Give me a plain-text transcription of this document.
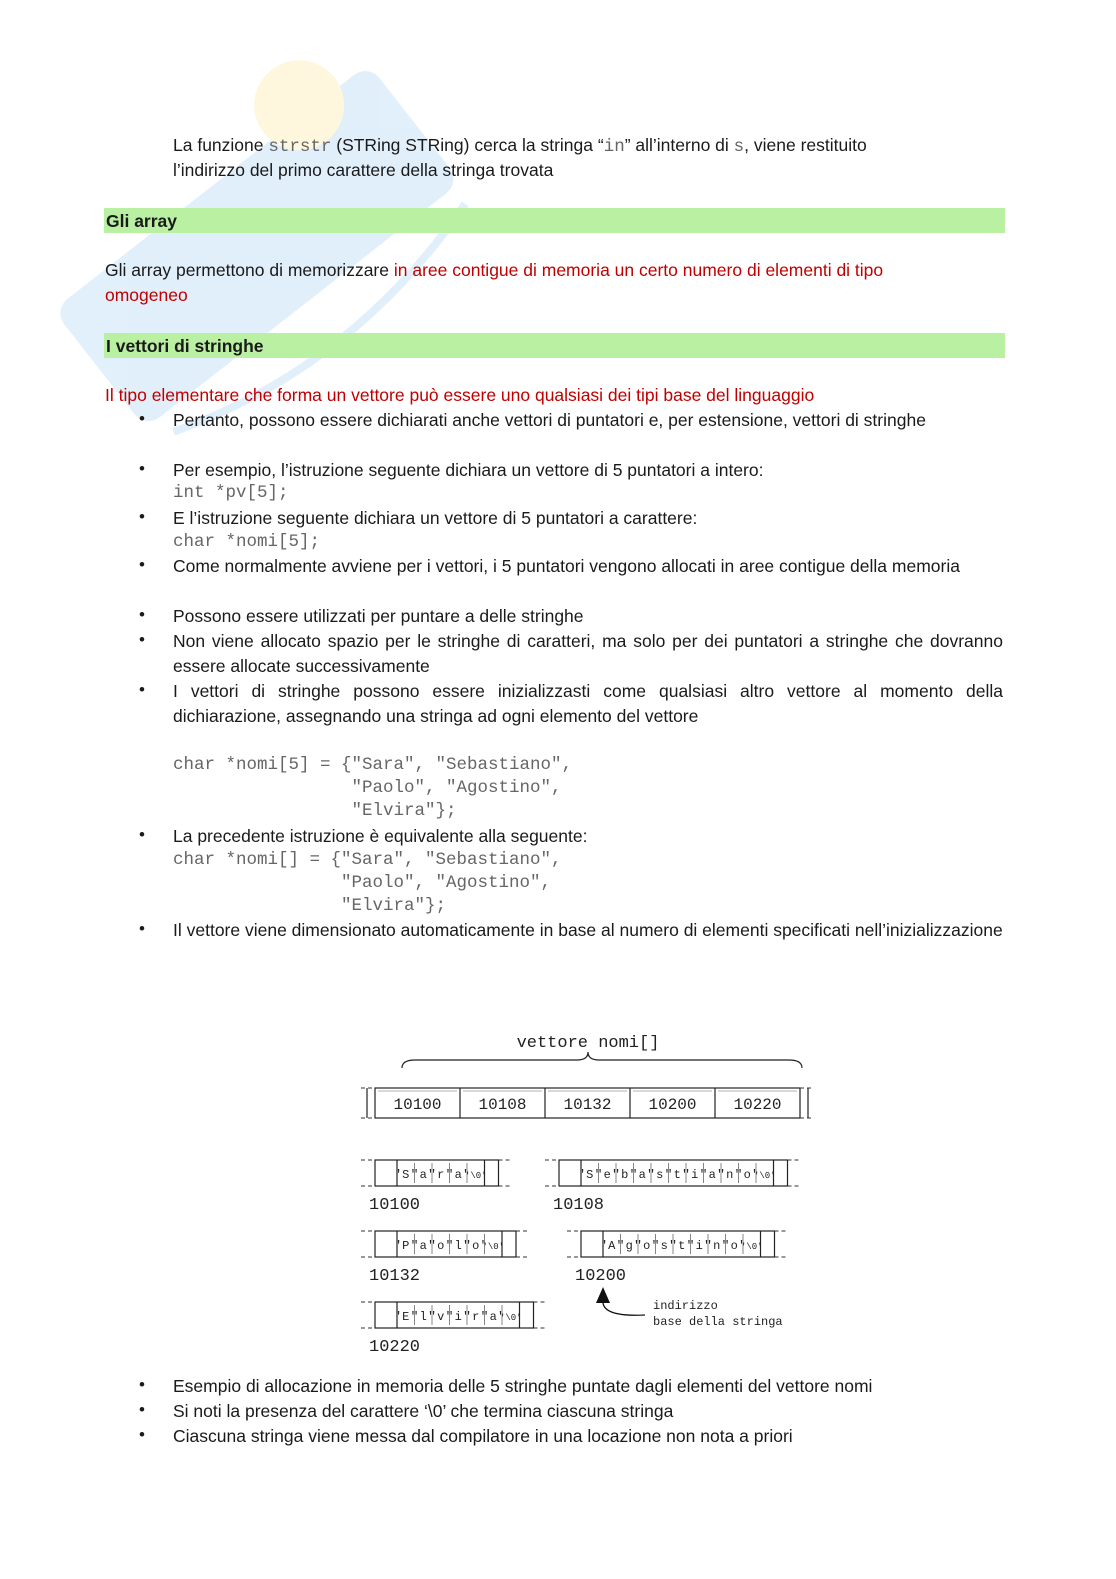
La funzione strstr (STRing STRing) cerca la stringa “in” all’interno di s, viene restituito
l’indirizzo del primo carattere della stringa trovata
Gli array
Gli array permettono di memorizzare in aree contigue di memoria un certo numero di elementi di tipo
omogeneo
I vettori di stringhe
Il tipo elementare che forma un vettore può essere uno qualsiasi dei tipi base del linguaggio
• Pertanto, possono essere dichiarati anche vettori di puntatori e, per estensione, vettori di stringhe
• Per esempio, l’istruzione seguente dichiara un vettore di 5 puntatori a intero:
int *pv[5];
• E l’istruzione seguente dichiara un vettore di 5 puntatori a carattere:
char *nomi[5];
• Come normalmente avviene per i vettori, i 5 puntatori vengono allocati in aree contigue della memoria
• Possono essere utilizzati per puntare a delle stringhe
• Non viene allocato spazio per le stringhe di caratteri, ma solo per dei puntatori a stringhe che dovranno essere allocate successivamente
• I vettori di stringhe possono essere inizializzasti come qualsiasi altro vettore al momento della dichiarazione, assegnando una stringa ad ogni elemento del vettore
char *nomi[5] = {"Sara", "Sebastiano",
"Paolo", "Agostino",
"Elvira"};
• La precedente istruzione è equivalente alla seguente:
char *nomi[] = {"Sara", "Sebastiano",
"Paolo", "Agostino",
"Elvira"};
• Il vettore viene dimensionato automaticamente in base al numero di elementi specificati nell’inizializzazione
vettore nomi[]
10100 10108 10132 10200 10220
'S'
'a'
'r'
'a'
'\0'
10100
'S'
'e'
'b'
'a'
's'
't'
'i'
'a'
'n'
'o'
'\0'
10108
'P'
'a'
'o'
'l'
'o'
'\0'
10132
'A'
'g'
'o'
's'
't'
'i'
'n'
'o'
'\0'
10200
'E'
'l'
'v'
'i'
'r'
'a'
'\0'
10220
indirizzo
base della stringa
• Esempio di allocazione in memoria delle 5 stringhe puntate dagli elementi del vettore nomi
• Si noti la presenza del carattere ‘\0’ che termina ciascuna stringa
• Ciascuna stringa viene messa dal compilatore in una locazione non nota a priori
